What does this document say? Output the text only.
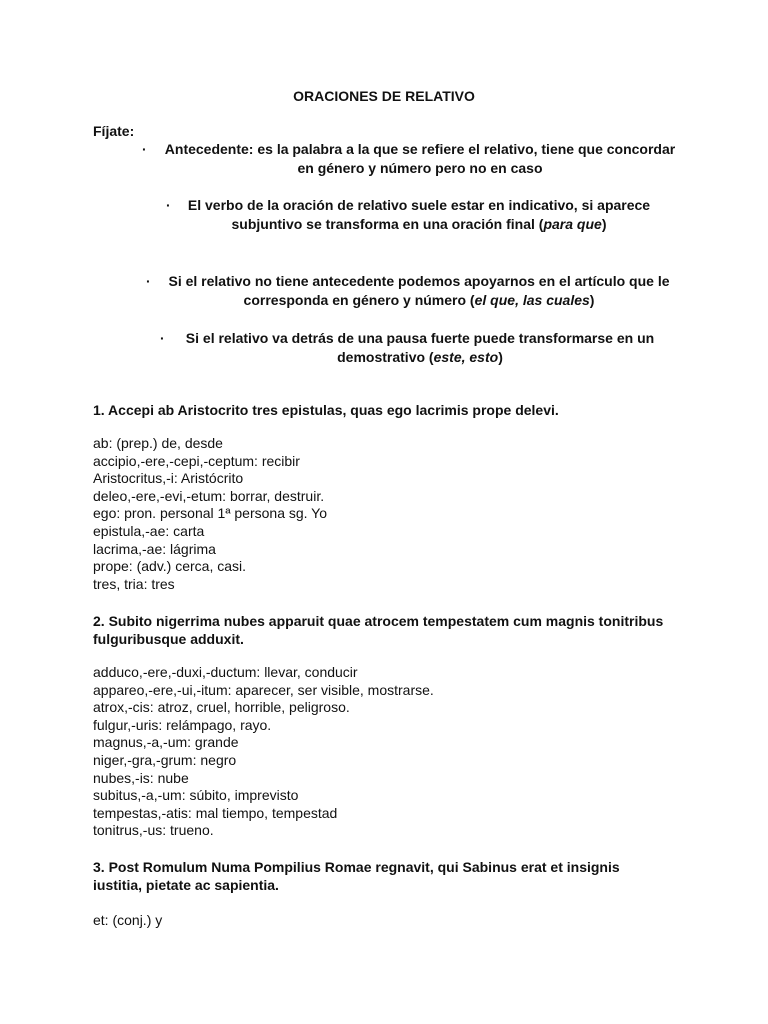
ORACIONES DE RELATIVO
Fíjate:
·	Antecedente: es la palabra a la que se refiere el relativo, tiene que concordar
en género y número pero no en caso
· El verbo de la oración de relativo suele estar en indicativo, si aparece
subjuntivo se transforma en una oración final (para que)
·	Si el relativo no tiene antecedente podemos apoyarnos en el artículo que le
corresponda en género y número (el que, las cuales)
·	Si el relativo va detrás de una pausa fuerte puede transformarse en un
demostrativo (este, esto)
1. Accepi ab Aristocrito tres epistulas, quas ego lacrimis prope delevi.
ab: (prep.) de, desde
accipio,-ere,-cepi,-ceptum: recibir
Aristocritus,-i: Aristócrito
deleo,-ere,-evi,-etum: borrar, destruir.
ego: pron. personal 1ª persona sg. Yo
epistula,-ae: carta
lacrima,-ae: lágrima
prope: (adv.) cerca, casi.
tres, tria: tres
2. Subito nigerrima nubes apparuit quae atrocem tempestatem cum magnis tonitribus
fulguribusque adduxit.
adduco,-ere,-duxi,-ductum: llevar, conducir
appareo,-ere,-ui,-itum: aparecer, ser visible, mostrarse.
atrox,-cis: atroz, cruel, horrible, peligroso.
fulgur,-uris: relámpago, rayo.
magnus,-a,-um: grande
niger,-gra,-grum: negro
nubes,-is: nube
subitus,-a,-um: súbito, imprevisto
tempestas,-atis: mal tiempo, tempestad
tonitrus,-us: trueno.
3. Post Romulum Numa Pompilius Romae regnavit, qui Sabinus erat et insignis
iustitia, pietate ac sapientia.
et: (conj.) y
